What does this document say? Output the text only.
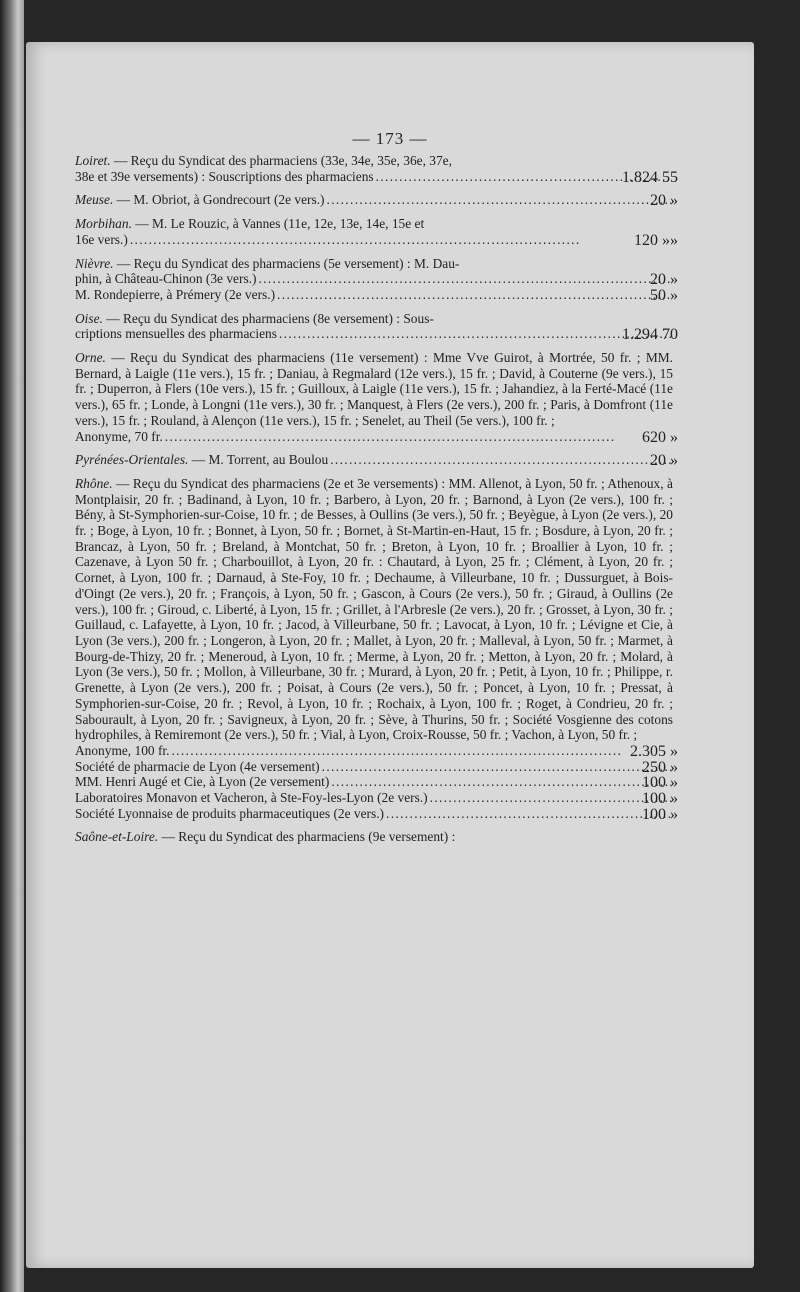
— 173 —
Loiret. — Reçu du Syndicat des pharmaciens (33e, 34e, 35e, 36e, 37e,
38e et 39e versements) : Souscriptions des pharmaciens
. . .
Meuse. — M. Obriot, à Gondrecourt (2e vers.)
. . .
Morbihan. — M. Le Rouzic, à Vannes (11e, 12e, 13e, 14e, 15e et
16e vers.)
. . .
Nièvre. — Reçu du Syndicat des pharmaciens (5e versement) : M. Dau-
phin, à Château-Chinon (3e vers.)
. . .
M. Rondepierre, à Prémery (2e vers.)
. . .
Oise. — Reçu du Syndicat des pharmaciens (8e versement) : Sous-
criptions mensuelles des pharmaciens
. . .
Orne. — Reçu du Syndicat des pharmaciens (11e versement) : Mme Vve Guirot, à Mortrée, 50 fr. ; MM. Bernard, à Laigle (11e vers.), 15 fr. ; Daniau, à Regmalard (12e vers.), 15 fr. ; David, à Couterne (9e vers.), 15 fr. ; Duperron, à Flers (10e vers.), 15 fr. ; Guilloux, à Laigle (11e vers.), 15 fr. ; Jahandiez, à la Ferté-Macé (11e vers.), 65 fr. ; Londe, à Longni (11e vers.), 30 fr. ; Manquest, à Flers (2e vers.), 200 fr. ; Paris, à Domfront (11e vers.), 15 fr. ; Rouland, à Alençon (11e vers.), 15 fr. ; Senelet, au Theil (5e vers.), 100 fr. ;
Anonyme, 70 fr.
. . .
Pyrénées-Orientales. — M. Torrent, au Boulou
. . .
Rhône. — Reçu du Syndicat des pharmaciens (2e et 3e versements) : MM. Allenot, à Lyon, 50 fr. ; Athenoux, à Montplaisir, 20 fr. ; Badinand, à Lyon, 10 fr. ; Barbero, à Lyon, 20 fr. ; Barnond, à Lyon (2e vers.), 100 fr. ; Bény, à St-Symphorien-sur-Coise, 10 fr. ; de Besses, à Oullins (3e vers.), 50 fr. ; Beyègue, à Lyon (2e vers.), 20 fr. ; Boge, à Lyon, 10 fr. ; Bonnet, à Lyon, 50 fr. ; Bornet, à St-Martin-en-Haut, 15 fr. ; Bosdure, à Lyon, 20 fr. ; Brancaz, à Lyon, 50 fr. ; Breland, à Montchat, 50 fr. ; Breton, à Lyon, 10 fr. ; Broallier à Lyon, 10 fr. ; Cazenave, à Lyon 50 fr. ; Charbouillot, à Lyon, 20 fr. : Chautard, à Lyon, 25 fr. ; Clément, à Lyon, 20 fr. ; Cornet, à Lyon, 100 fr. ; Darnaud, à Ste-Foy, 10 fr. ; Dechaume, à Villeurbane, 10 fr. ; Dussurguet, à Bois-d'Oingt (2e vers.), 20 fr. ; François, à Lyon, 50 fr. ; Gascon, à Cours (2e vers.), 50 fr. ; Giraud, à Oullins (2e vers.), 100 fr. ; Giroud, c. Liberté, à Lyon, 15 fr. ; Grillet, à l'Arbresle (2e vers.), 20 fr. ; Grosset, à Lyon, 30 fr. ; Guillaud, c. Lafayette, à Lyon, 10 fr. ; Jacod, à Villeurbane, 50 fr. ; Lavocat, à Lyon, 10 fr. ; Lévigne et Cie, à Lyon (3e vers.), 200 fr. ; Longeron, à Lyon, 20 fr. ; Mallet, à Lyon, 20 fr. ; Malleval, à Lyon, 50 fr. ; Marmet, à Bourg-de-Thizy, 20 fr. ; Meneroud, à Lyon, 10 fr. ; Merme, à Lyon, 20 fr. ; Metton, à Lyon, 20 fr. ; Molard, à Lyon (3e vers.), 50 fr. ; Mollon, à Villeurbane, 30 fr. ; Murard, à Lyon, 20 fr. ; Petit, à Lyon, 10 fr. ; Philippe, r. Grenette, à Lyon (2e vers.), 200 fr. ; Poisat, à Cours (2e vers.), 50 fr. ; Poncet, à Lyon, 10 fr. ; Pressat, à Symphorien-sur-Coise, 20 fr. ; Revol, à Lyon, 10 fr. ; Rochaix, à Lyon, 100 fr. ; Roget, à Condrieu, 20 fr. ; Sabourault, à Lyon, 20 fr. ; Savigneux, à Lyon, 20 fr. ; Sève, à Thurins, 50 fr. ; Société Vosgienne des cotons hydrophiles, à Remiremont (2e vers.), 50 fr. ; Vial, à Lyon, Croix-Rousse, 50 fr. ; Vachon, à Lyon, 50 fr. ;
Anonyme, 100 fr.
. . .
Société de pharmacie de Lyon (4e versement)
. . .
MM. Henri Augé et Cie, à Lyon (2e versement)
. . .
Laboratoires Monavon et Vacheron, à Ste-Foy-les-Lyon (2e vers.)
. . .
Société Lyonnaise de produits pharmaceutiques (2e vers.)
. . .
Saône-et-Loire. — Reçu du Syndicat des pharmaciens (9e versement) :
1.824 55
20 »
120 »»
20 »
50 »
1.294 70
620 »
20 »
2.305 »
250 »
100 »
100 »
100 »
